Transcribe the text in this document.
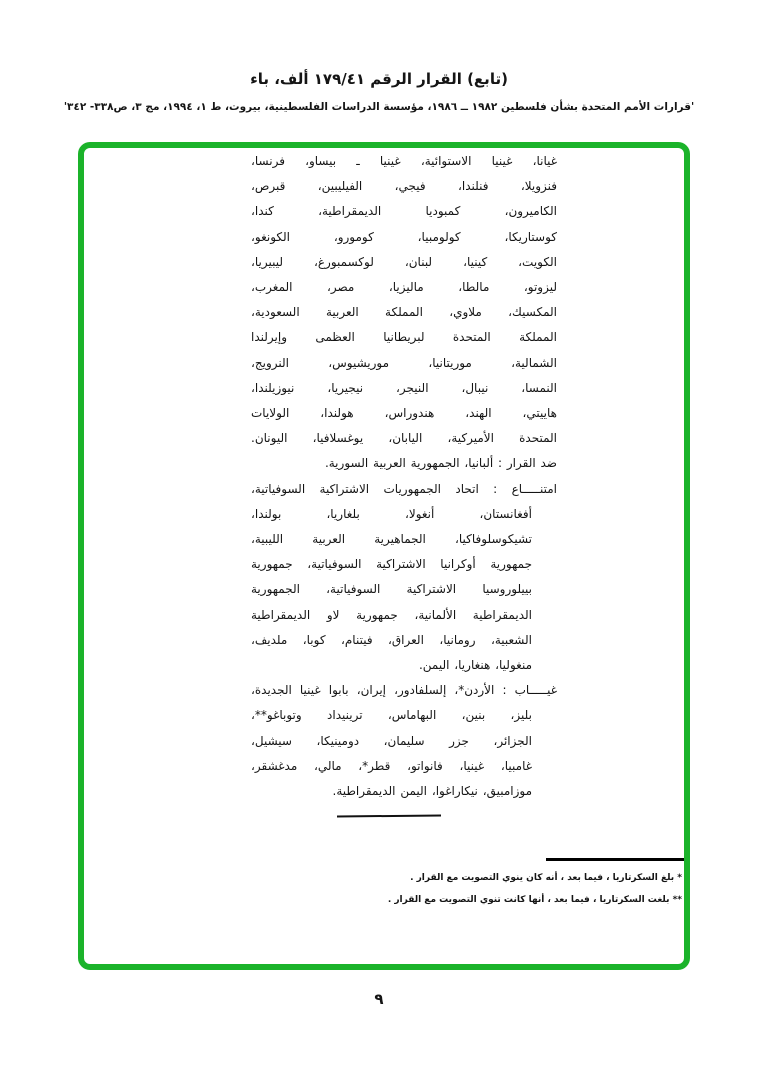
(تابع) القرار الرقم ١٧٩/٤١ ألف، باء
'قرارات الأمم المتحدة بشأن فلسطين ١٩٨٢ ــ ١٩٨٦، مؤسسة الدراسات الفلسطينية، بيروت، ط ١، ١٩٩٤، مج ٣، ص٣٣٨- ٣٤٢'
غيانا، غينيا الاستوائية، غينيا ـ بيساو، فرنسا،
فنزويلا، فنلندا، فيجي، الفيليبين، قبرص،
الكاميرون، كمبوديا الديمقراطية، كندا،
كوستاريكا، كولومبيا، كومورو، الكونغو،
الكويت، كينيا، لبنان، لوكسمبورغ، ليبيريا،
ليزوتو، مالطا، ماليزيا، مصر، المغرب،
المكسيك، ملاوي، المملكة العربية السعودية،
المملكة المتحدة لبريطانيا العظمى وإيرلندا
الشمالية، موريتانيا، موريشيوس، النرويج،
النمسا، نيبال، النيجر، نيجيريا، نيوزيلندا،
هاييتي، الهند، هندوراس، هولندا، الولايات
المتحدة الأميركية، اليابان، يوغسلافيا، اليونان.
ضد القرار : ألبانيا، الجمهورية العربية السورية.
امتنـــــاع : اتحاد الجمهوريات الاشتراكية السوفياتية،
أفغانستان، أنغولا، بلغاريا، بولندا،
تشيكوسلوفاكيا، الجماهيرية العربية الليبية،
جمهورية أوكرانيا الاشتراكية السوفياتية، جمهورية
بييلوروسيا الاشتراكية السوفياتية، الجمهورية
الديمقراطية الألمانية، جمهورية لاو الديمقراطية
الشعبية، رومانيا، العراق، فيتنام، كوبا، ملديف،
منغوليا، هنغاريا، اليمن.
غيـــــاب : الأردن*، إلسلفادور، إيران، بابوا غينيا الجديدة،
بليز، بنين، البهاماس، ترينيداد وتوباغو**،
الجزائر، جزر سليمان، دومينيكا، سيشيل،
غامبيا، غينيا، فانواتو، قطر*، مالي، مدغشقر،
موزامبيق، نيكاراغوا، اليمن الديمقراطية.
* بلغ السكرتاريا ، فيما بعد ، أنه كان ينوي التصويت مع القرار .
** بلغت السكرتاريا ، فيما بعد ، أنها كانت تنوي التصويت مع القرار .
٩
